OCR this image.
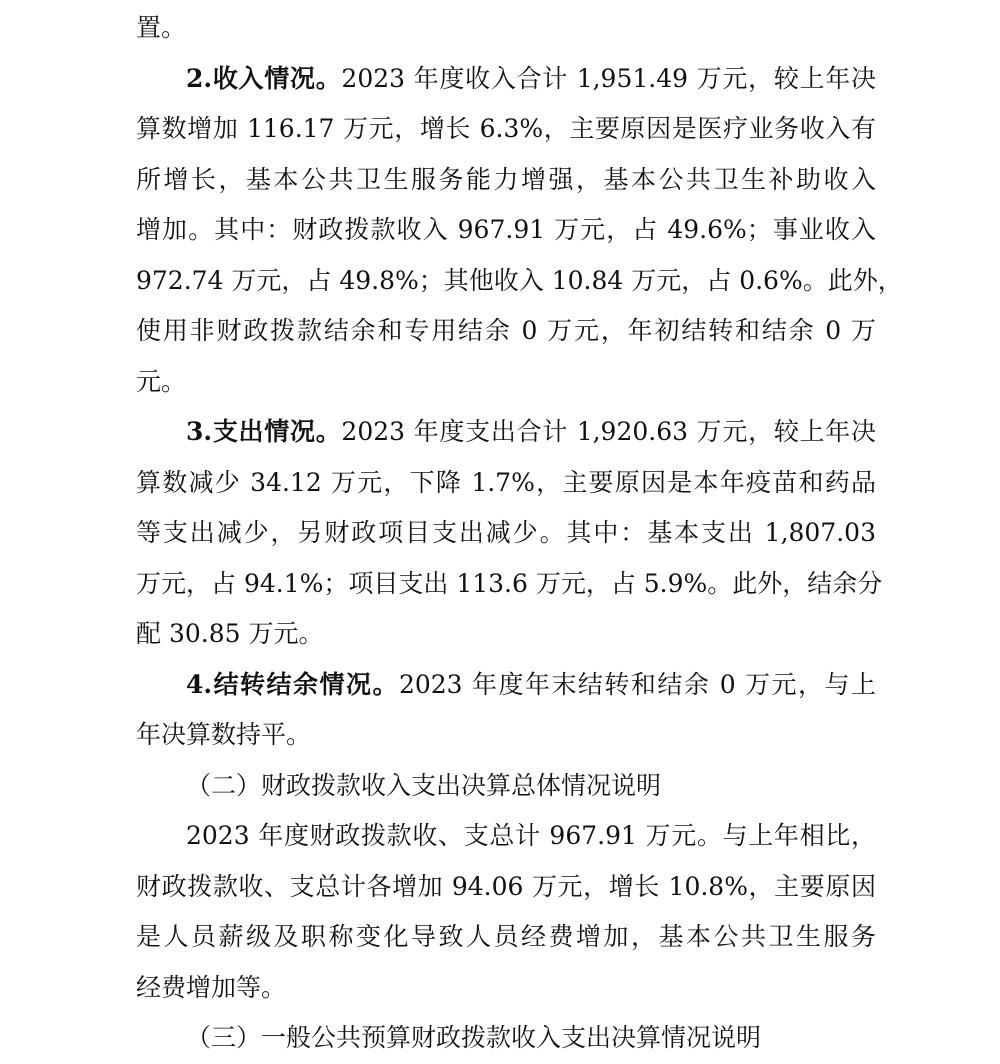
置。
2.收入情况。2023 年度收入合计 1,951.49 万元，较上年决
算数增加 116.17 万元，增长 6.3%，主要原因是医疗业务收入有
所增长，基本公共卫生服务能力增强，基本公共卫生补助收入
增加。其中：财政拨款收入 967.91 万元，占 49.6%；事业收入
972.74 万元，占 49.8%；其他收入 10.84 万元，占 0.6%。此外，
使用非财政拨款结余和专用结余 0 万元，年初结转和结余 0 万
元。
3.支出情况。2023 年度支出合计 1,920.63 万元，较上年决
算数减少 34.12 万元，下降 1.7%，主要原因是本年疫苗和药品
等支出减少，另财政项目支出减少。其中：基本支出 1,807.03
万元，占 94.1%；项目支出 113.6 万元，占 5.9%。此外，结余分
配 30.85 万元。
4.结转结余情况。2023 年度年末结转和结余 0 万元，与上
年决算数持平。
（二）财政拨款收入支出决算总体情况说明
2023 年度财政拨款收、支总计 967.91 万元。与上年相比，
财政拨款收、支总计各增加 94.06 万元，增长 10.8%，主要原因
是人员薪级及职称变化导致人员经费增加，基本公共卫生服务
经费增加等。
（三）一般公共预算财政拨款收入支出决算情况说明
